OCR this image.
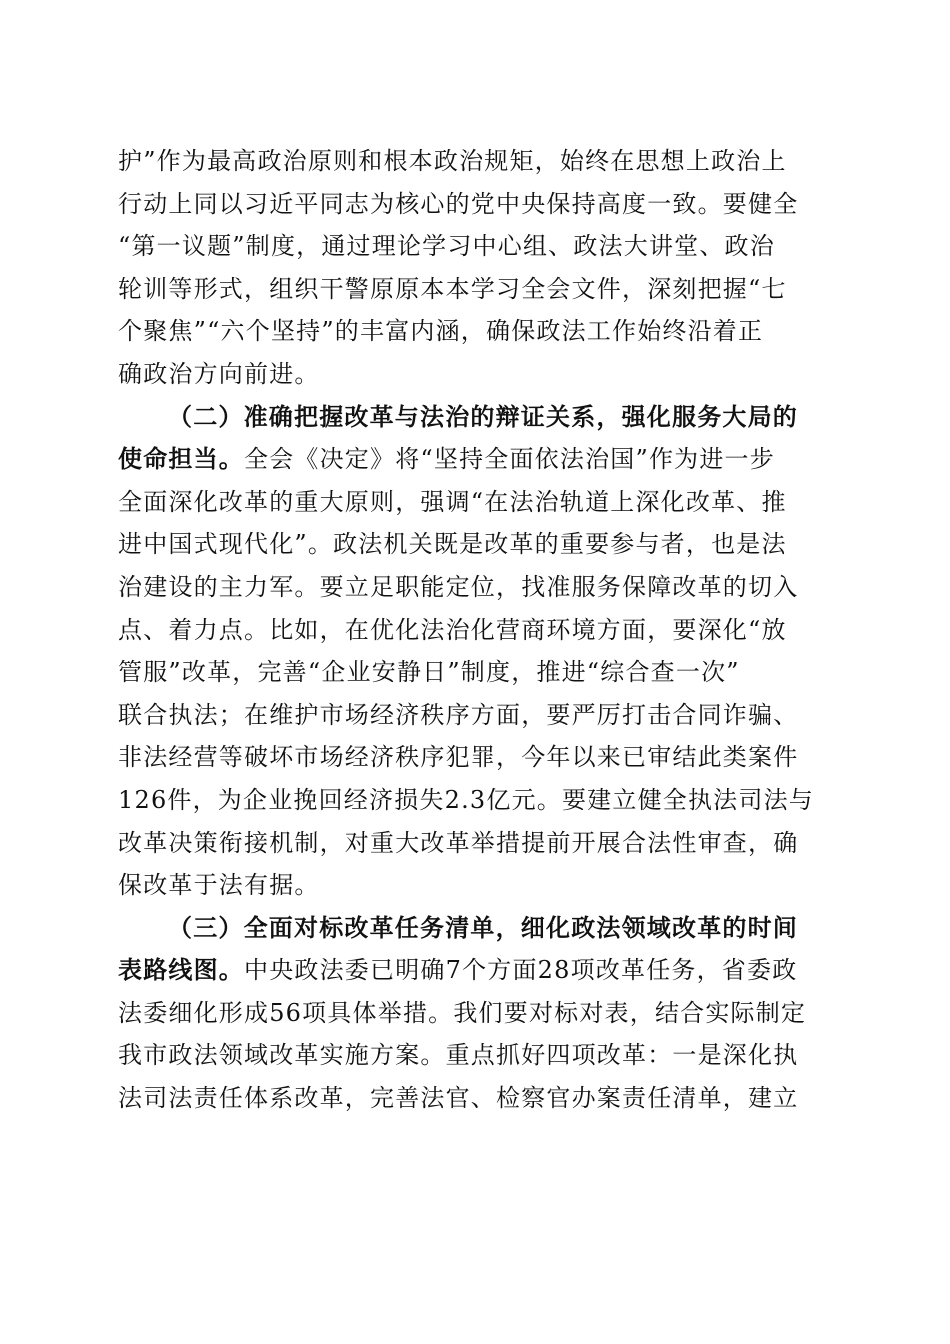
护”作为最高政治原则和根本政治规矩，始终在思想上政治上
行动上同以习近平同志为核心的党中央保持高度一致。要健全
“第一议题”制度，通过理论学习中心组、政法大讲堂、政治
轮训等形式，组织干警原原本本学习全会文件，深刻把握“七
个聚焦”“六个坚持”的丰富内涵，确保政法工作始终沿着正
确政治方向前进。
（二）准确把握改革与法治的辩证关系，强化服务大局的
使命担当。全会《决定》将“坚持全面依法治国”作为进一步
全面深化改革的重大原则，强调“在法治轨道上深化改革、推
进中国式现代化”。政法机关既是改革的重要参与者，也是法
治建设的主力军。要立足职能定位，找准服务保障改革的切入
点、着力点。比如，在优化法治化营商环境方面，要深化“放
管服”改革，完善“企业安静日”制度，推进“综合查一次”
联合执法；在维护市场经济秩序方面，要严厉打击合同诈骗、
非法经营等破坏市场经济秩序犯罪，今年以来已审结此类案件
126件，为企业挽回经济损失2.3亿元。要建立健全执法司法与
改革决策衔接机制，对重大改革举措提前开展合法性审查，确
保改革于法有据。
（三）全面对标改革任务清单，细化政法领域改革的时间
表路线图。中央政法委已明确7个方面28项改革任务，省委政
法委细化形成56项具体举措。我们要对标对表，结合实际制定
我市政法领域改革实施方案。重点抓好四项改革：一是深化执
法司法责任体系改革，完善法官、检察官办案责任清单，建立
